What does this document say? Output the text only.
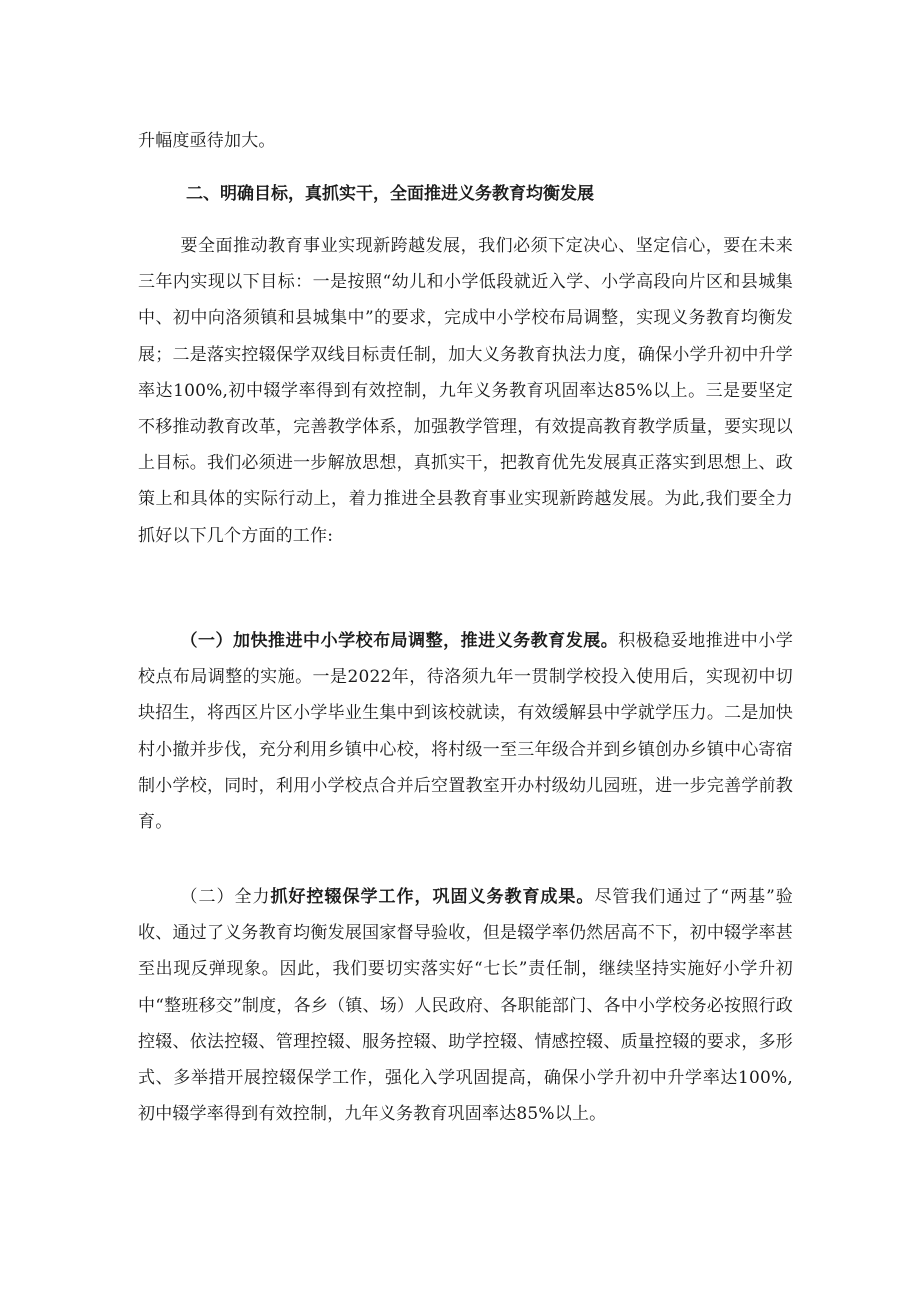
升幅度亟待加大。

二、明确目标，真抓实干，全面推进义务教育均衡发展

要全面推动教育事业实现新跨越发展，我们必须下定决心、坚定信心，要在未来三年内实现以下目标：一是按照“幼儿和小学低段就近入学、小学高段向片区和县城集中、初中向洛须镇和县城集中”的要求，完成中小学校布局调整，实现义务教育均衡发展；二是落实控辍保学双线目标责任制，加大义务教育执法力度，确保小学升初中升学率达100%,初中辍学率得到有效控制，九年义务教育巩固率达85%以上。三是要坚定不移推动教育改革，完善教学体系，加强教学管理，有效提高教育教学质量，要实现以上目标。我们必须进一步解放思想，真抓实干，把教育优先发展真正落实到思想上、政策上和具体的实际行动上，着力推进全县教育事业实现新跨越发展。为此,我们要全力抓好以下几个方面的工作:

（一）加快推进中小学校布局调整，推进义务教育发展。积极稳妥地推进中小学校点布局调整的实施。一是2022年，待洛须九年一贯制学校投入使用后，实现初中切块招生，将西区片区小学毕业生集中到该校就读，有效缓解县中学就学压力。二是加快村小撤并步伐，充分利用乡镇中心校，将村级一至三年级合并到乡镇创办乡镇中心寄宿制小学校，同时，利用小学校点合并后空置教室开办村级幼儿园班，进一步完善学前教育。

（二）全力抓好控辍保学工作，巩固义务教育成果。尽管我们通过了“两基”验收、通过了义务教育均衡发展国家督导验收，但是辍学率仍然居高不下，初中辍学率甚至出现反弹现象。因此，我们要切实落实好“七长”责任制，继续坚持实施好小学升初中“整班移交”制度，各乡（镇、场）人民政府、各职能部门、各中小学校务必按照行政控辍、依法控辍、管理控辍、服务控辍、助学控辍、情感控辍、质量控辍的要求，多形式、多举措开展控辍保学工作，强化入学巩固提高，确保小学升初中升学率达100%,初中辍学率得到有效控制，九年义务教育巩固率达85%以上。
